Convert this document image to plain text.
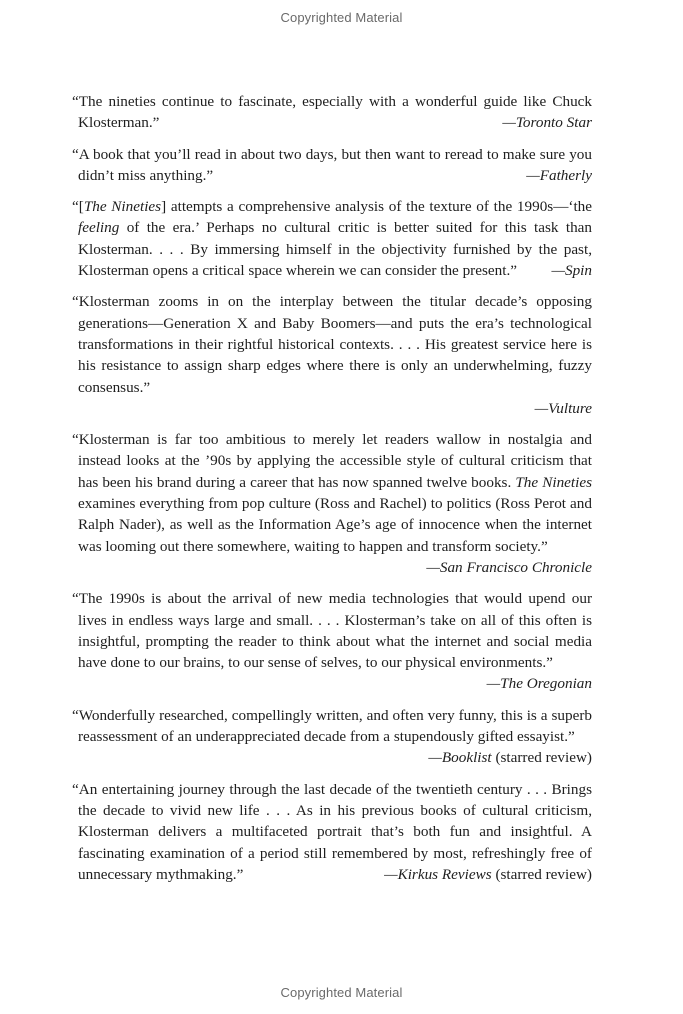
Copyrighted Material
“The nineties continue to fascinate, especially with a wonderful guide like Chuck Klosterman.”	—Toronto Star
“A book that you’ll read in about two days, but then want to reread to make sure you didn’t miss anything.”	—Fatherly
“[The Nineties] attempts a comprehensive analysis of the texture of the 1990s—‘the feeling of the era.’ Perhaps no cultural critic is better suited for this task than Klosterman. . . . By immersing himself in the objectivity furnished by the past, Klosterman opens a critical space wherein we can consider the present.” —Spin
“Klosterman zooms in on the interplay between the titular decade’s opposing generations—Generation X and Baby Boomers—and puts the era’s technological transformations in their rightful historical contexts. . . . His greatest service here is his resistance to assign sharp edges where there is only an underwhelming, fuzzy consensus.”
—Vulture
“Klosterman is far too ambitious to merely let readers wallow in nostalgia and instead looks at the ’90s by applying the accessible style of cultural criticism that has been his brand during a career that has now spanned twelve books. The Nineties examines everything from pop culture (Ross and Rachel) to politics (Ross Perot and Ralph Nader), as well as the Information Age’s age of innocence when the internet was looming out there somewhere, waiting to happen and transform society.”
—San Francisco Chronicle
“The 1990s is about the arrival of new media technologies that would upend our lives in endless ways large and small. . . . Klosterman’s take on all of this often is insightful, prompting the reader to think about what the internet and social media have done to our brains, to our sense of selves, to our physical environments.”
—The Oregonian
“Wonderfully researched, compellingly written, and often very funny, this is a superb reassessment of an underappreciated decade from a stupendously gifted essayist.”
—Booklist (starred review)
“An entertaining journey through the last decade of the twentieth century . . . Brings the decade to vivid new life . . . As in his previous books of cultural criticism, Klosterman delivers a multifaceted portrait that’s both fun and insightful. A fascinating examination of a period still remembered by most, refreshingly free of unnecessary mythmaking.”	—Kirkus Reviews (starred review)
Copyrighted Material
